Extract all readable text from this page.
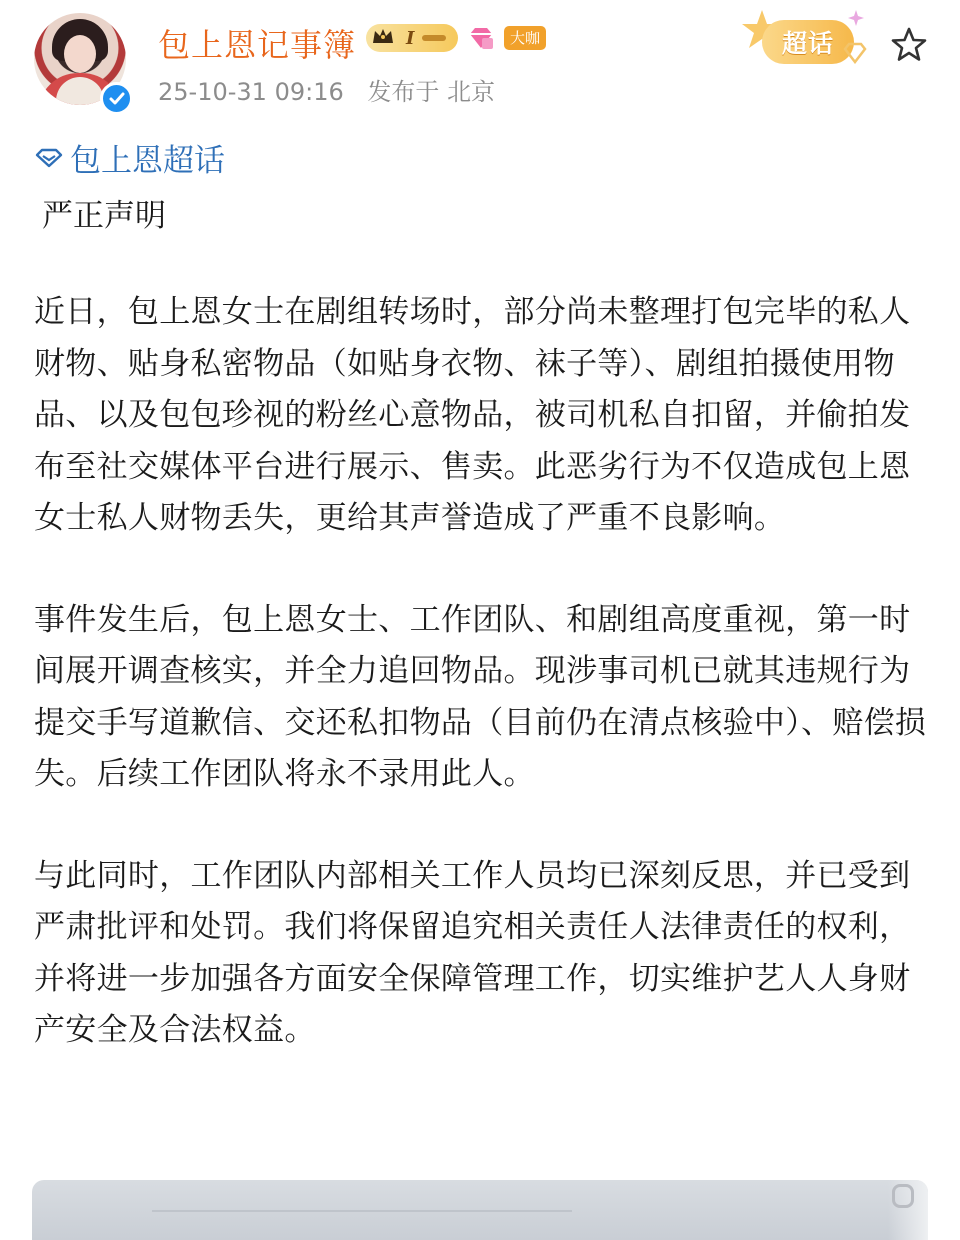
包上恩记事簿	I	大咖
25-10-31 09:16 发布于 北京
超话
包上恩超话
严正声明

近日，包上恩女士在剧组转场时，部分尚未整理打包完毕的私人财物、贴身私密物品（如贴身衣物、袜子等）、剧组拍摄使用物品、以及包包珍视的粉丝心意物品，被司机私自扣留，并偷拍发布至社交媒体平台进行展示、售卖。此恶劣行为不仅造成包上恩女士私人财物丢失，更给其声誉造成了严重不良影响。

事件发生后，包上恩女士、工作团队、和剧组高度重视，第一时间展开调查核实，并全力追回物品。现涉事司机已就其违规行为提交手写道歉信、交还私扣物品（目前仍在清点核验中）、赔偿损失。后续工作团队将永不录用此人。

与此同时，工作团队内部相关工作人员均已深刻反思，并已受到严肃批评和处罚。我们将保留追究相关责任人法律责任的权利，并将进一步加强各方面安全保障管理工作，切实维护艺人人身财产安全及合法权益。
